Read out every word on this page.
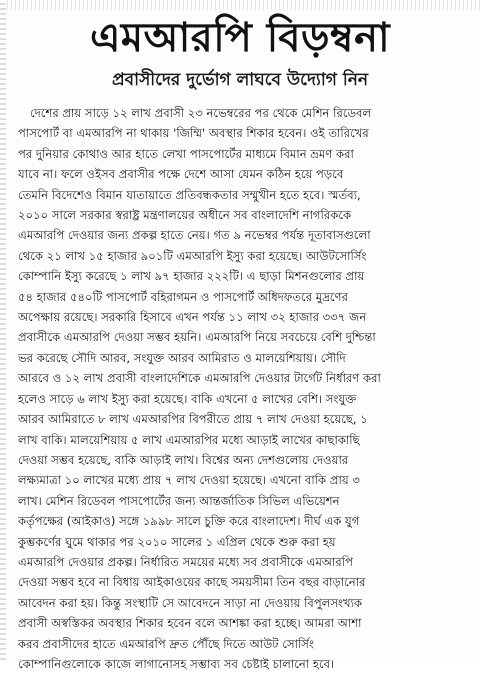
এমআরপি বিড়ম্বনা
প্রবাসীদের দুর্ভোগ লাঘবে উদ্যোগ নিন
দেশের প্রায় সাড়ে ১২ লাখ প্রবাসী ২৩ নভেম্বরের পর থেকে মেশিন রিডেবল
পাসপোর্ট বা এমআরপি না থাকায় 'জিম্মি' অবস্থার শিকার হবেন। ওই তারিখের
পর দুনিয়ার কোথাও আর হাতে লেখা পাসপোর্টের মাধ্যমে বিমান ভ্রমণ করা
যাবে না। ফলে ওইসব প্রবাসীর পক্ষে দেশে আসা যেমন কঠিন হয়ে পড়বে
তেমনি বিদেশেও বিমান যাতায়াতে প্রতিবন্ধকতার সম্মুখীন হতে হবে। স্মর্তব্য,
২০১০ সালে সরকার স্বরাষ্ট্র মন্ত্রণালয়ের অধীনে সব বাংলাদেশি নাগরিককে
এমআরপি দেওয়ার জন্য প্রকল্প হাতে নেয়। গত ৯ নভেম্বর পর্যন্ত দূতাবাসগুলো
থেকে ২১ লাখ ১৫ হাজার ৯০১টি এমআরপি ইস্যু করা হয়েছে। আউটসোর্সিং
কোম্পানি ইস্যু করেছে ১ লাখ ৯৭ হাজার ২২২টি। এ ছাড়া মিশনগুলোর প্রায়
৫৪ হাজার ৫৪০টি পাসপোর্ট বহিরাগমন ও পাসপোর্ট অধিদফতরে মুদ্রণের
অপেক্ষায় রয়েছে। সরকারি হিসাবে এখন পর্যন্ত ১১ লাখ ৩২ হাজার ৩৩৭ জন
প্রবাসীকে এমআরপি দেওয়া সম্ভব হয়নি। এমআরপি নিয়ে সবচেয়ে বেশি দুশ্চিন্তা
ভর করেছে সৌদি আরব, সংযুক্ত আরব আমিরাত ও মালয়েশিয়ায়। সৌদি
আরবে ও ১২ লাখ প্রবাসী বাংলাদেশিকে এমআরপি দেওয়ার টার্গেট নির্ধারণ করা
হলেও সাড়ে ৬ লাখ ইস্যু করা হয়েছে। বাকি এখনো ৫ লাখের বেশি। সংযুক্ত
আরব আমিরাতে ৮ লাখ এমআরপির বিপরীতে প্রায় ৭ লাখ দেওয়া হয়েছে, ১
লাখ বাকি। মালয়েশিয়ায় ৫ লাখ এমআরপির মধ্যে আড়াই লাখের কাছাকাছি
দেওয়া সম্ভব হয়েছে, বাকি আড়াই লাখ। বিশ্বের অন্য দেশগুলোয় দেওয়ার
লক্ষ্যমাত্রা ১০ লাখের মধ্যে প্রায় ৭ লাখ দেওয়া হয়েছে। এখনো বাকি প্রায় ৩
লাখ। মেশিন রিডেবল পাসপোর্টের জন্য আন্তর্জাতিক সিভিল এভিয়েশন
কর্তৃপক্ষের (আইকাও) সঙ্গে ১৯৯৮ সালে চুক্তি করে বাংলাদেশ। দীর্ঘ এক যুগ
কুম্ভকর্ণের ঘুমে থাকার পর ২০১০ সালের ১ এপ্রিল থেকে শুরু করা হয়
এমআরপি দেওয়ার প্রকল্প। নির্ধারিত সময়ের মধ্যে সব প্রবাসীকে এমআরপি
দেওয়া সম্ভব হবে না বিধায় আইকাওয়ের কাছে সময়সীমা তিন বছর বাড়ানোর
আবেদন করা হয়। কিন্তু সংস্থাটি সে আবেদনে সাড়া না দেওয়ায় বিপুলসংখ্যক
প্রবাসী অস্বস্তিকর অবস্থার শিকার হবেন বলে আশঙ্কা করা হচ্ছে। আমরা আশা
করব প্রবাসীদের হাতে এমআরপি দ্রুত পৌঁছে দিতে আউট সোর্সিং
কোম্পানিগুলোকে কাজে লাগানোসহ সম্ভাব্য সব চেষ্টাই চালানো হবে।
